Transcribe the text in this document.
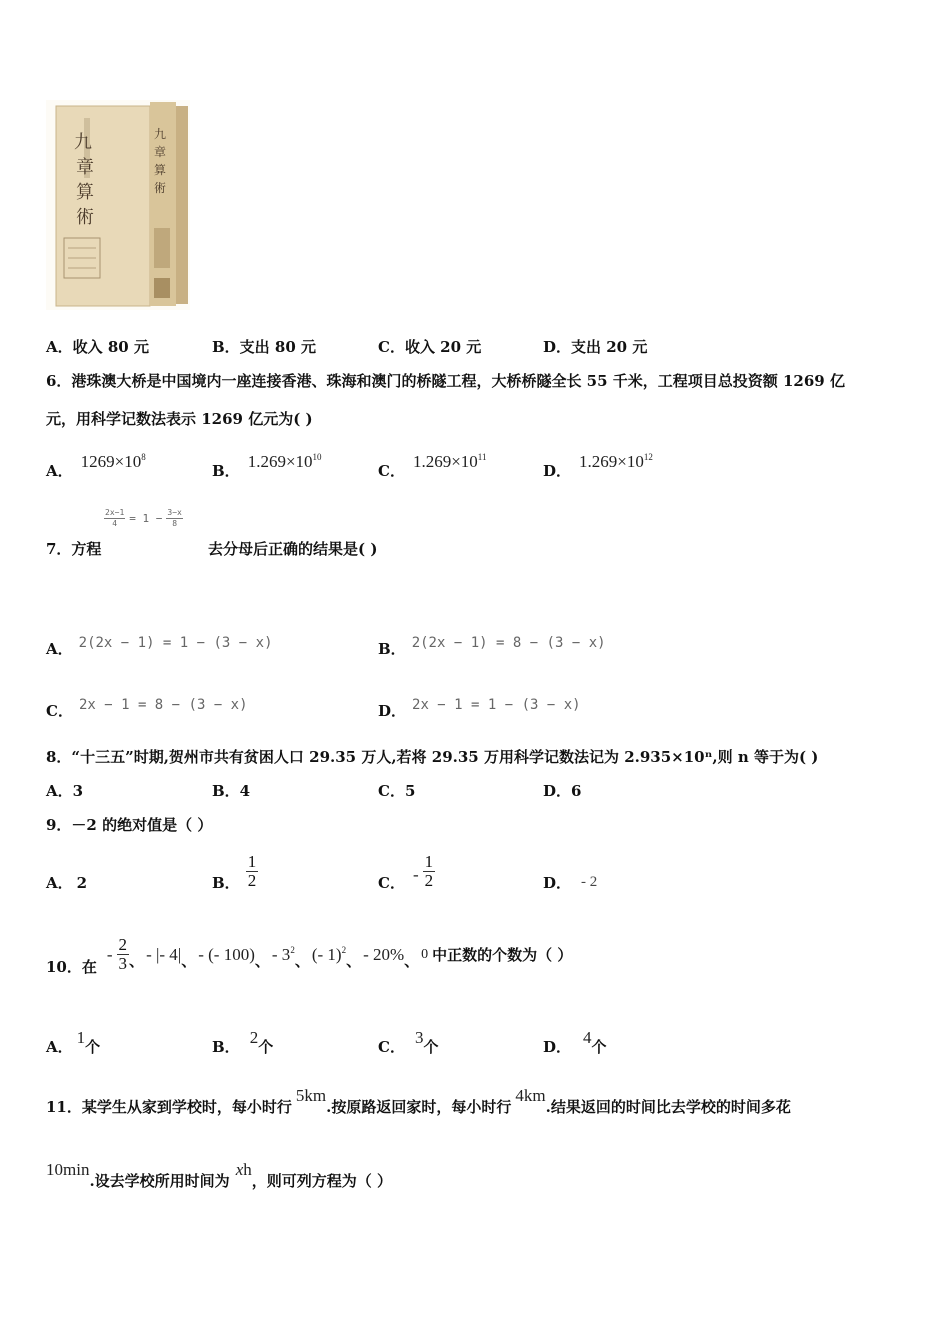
九
章
算
術
九
章
算
術
A．收入 80 元	B．支出 80 元	C．收入 20 元	D．支出 20 元
6．港珠澳大桥是中国境内一座连接香港、珠海和澳门的桥隧工程，大桥桥隧全长 55 千米，工程项目总投资额 1269 亿
元，用科学记数法表示 1269 亿元为( )
A．
$1269\times 10^8$
B．
$1.269\times 10^{10}$
C．
$1.269\times 10^{11}$
D．
$1.269\times 10^{12}$
$\frac{2x-1}{4} = 1 - \frac{3-x}{8}$
7．方程	去分母后正确的结果是( )
A． 2(2x − 1) = 1 − (3 − x)	B． 2(2x − 1) = 8 − (3 − x)
C． 2x − 1 = 8 − (3 − x)	D． 2x − 1 = 1 − (3 − x)
8．“十三五”时期,贺州市共有贫困人口 29.35 万人,若将 29.35 万用科学记数法记为 2.935×10ⁿ,则 n 等于为( )
A．3	B．4	C．5	D．6
9．－2 的绝对值是（ ）
A． 2	B． $\frac{1}{2}$	C． - $\frac{1}{2}$	D． - 2
10．在
- $\frac{2}{3}$ 、 - |- 4| 、 - (- 100) 、 - $3^2$
、 (- 1)$^2$
、 - 20% 、 0 中正数的个数为（ ）
A．
1
个	B．
2
个	C．
3
个	D．
4
个
11．某学生从家到学校时，每小时行
5km
.按原路返回家时，每小时行
4km
.结果返回的时间比去学校的时间多花
10min
.设去学校所用时间为
xh
，则可列方程为（ ）
